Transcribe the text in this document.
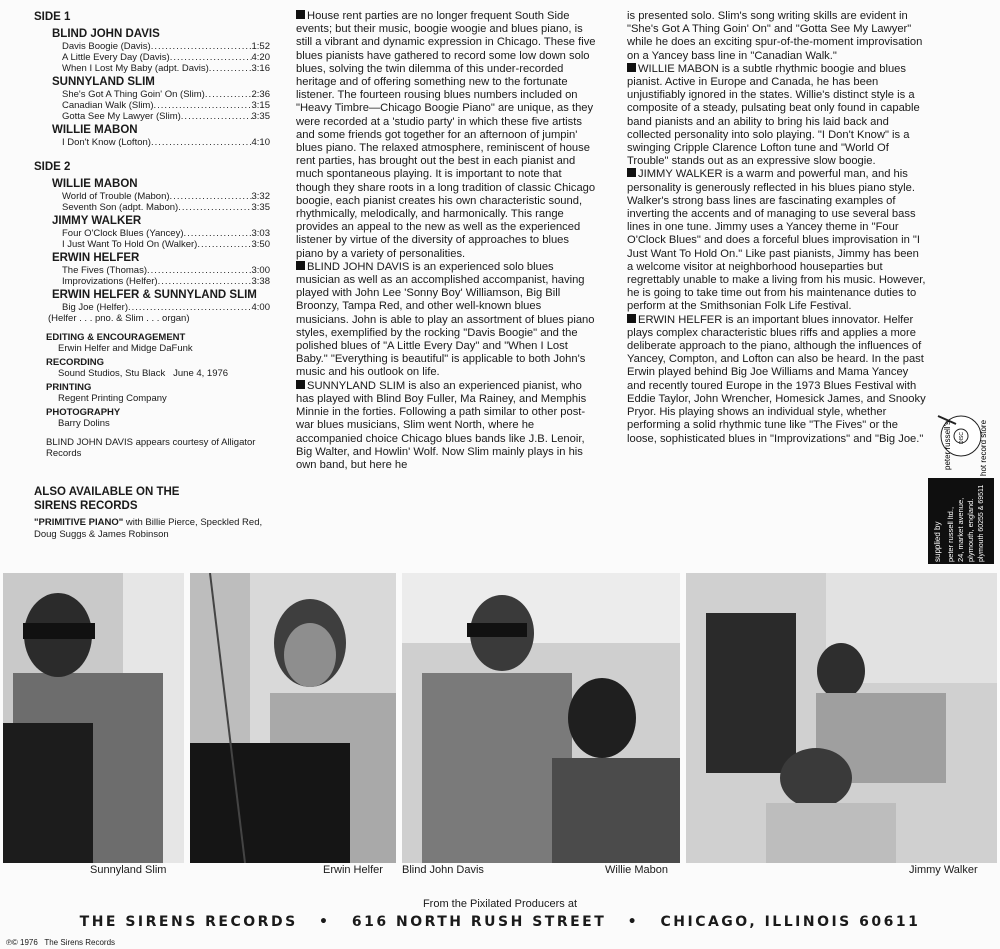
SIDE 1
BLIND JOHN DAVIS
Davis Boogie (Davis) .....	1:52
A Little Every Day (Davis) .....	4:20
When I Lost My Baby (adpt. Davis) .....	3:16
SUNNYLAND SLIM
She's Got A Thing Goin' On (Slim) .....	2:36
Canadian Walk (Slim) .....	3:15
Gotta See My Lawyer (Slim) .....	3:35
WILLIE MABON
I Don't Know (Lofton) .....	4:10
SIDE 2
WILLIE MABON
World of Trouble (Mabon) .....	3:32
Seventh Son (adpt. Mabon) .....	3:35
JIMMY WALKER
Four O'Clock Blues (Yancey) .....	3:03
I Just Want To Hold On (Walker) .....	3:50
ERWIN HELFER
The Fives (Thomas) .....	3:00
Improvizations (Helfer) .....	3:38
ERWIN HELFER & SUNNYLAND SLIM
Big Joe (Helfer) .....	4:00
(Helfer . . . pno. & Slim . . . organ)
EDITING & ENCOURAGEMENT
Erwin Helfer and Midge DaFunk
RECORDING
Sound Studios, Stu Black   June 4, 1976
PRINTING
Regent Printing Company
PHOTOGRAPHY
Barry Dolins
BLIND JOHN DAVIS appears courtesy of Alligator Records
ALSO AVAILABLE ON THE SIRENS RECORDS
"PRIMITIVE PIANO" with Billie Pierce, Speckled Red, Doug Suggs & James Robinson
House rent parties are no longer frequent South Side events; but their music, boogie woogie and blues piano, is still a vibrant and dynamic expression in Chicago. These five blues pianists have gathered to record some low down solo blues, solving the twin dilemma of this under-recorded heritage and of offering something new to the fortunate listener. The fourteen rousing blues numbers included on "Heavy Timbre—Chicago Boogie Piano" are unique, as they were recorded at a 'studio party' in which these five artists and some friends got together for an afternoon of jumpin' blues piano. The relaxed atmosphere, reminiscent of house rent parties, has brought out the best in each pianist and much spontaneous playing. It is important to note that though they share roots in a long tradition of classic Chicago boogie, each pianist creates his own characteristic sound, rhythmically, melodically, and harmonically. This range provides an appeal to the new as well as the experienced listener by virtue of the diversity of approaches to blues piano by a variety of personalities.
BLIND JOHN DAVIS is an experienced solo blues musician as well as an accomplished accompanist, having played with John Lee 'Sonny Boy' Williamson, Big Bill Broonzy, Tampa Red, and other well-known blues musicians. John is able to play an assortment of blues piano styles, exemplified by the rocking "Davis Boogie" and the polished blues of "A Little Every Day" and "When I Lost Baby." "Everything is beautiful" is applicable to both John's music and his outlook on life.
SUNNYLAND SLIM is also an experienced pianist, who has played with Blind Boy Fuller, Ma Rainey, and Memphis Minnie in the forties. Following a path similar to other post-war blues musicians, Slim went North, where he accompanied choice Chicago blues bands like J.B. Lenoir, Big Walter, and Howlin' Wolf. Now Slim mainly plays in his own band, but here he
is presented solo. Slim's song writing skills are evident in "She's Got A Thing Goin' On" and "Gotta See My Lawyer" while he does an exciting spur-of-the-moment improvisation on a Yancey bass line in "Canadian Walk."
WILLIE MABON is a subtle rhythmic boogie and blues pianist. Active in Europe and Canada, he has been unjustifiably ignored in the states. Willie's distinct style is a composite of a steady, pulsating beat only found in capable band pianists and an ability to bring his laid back and collected personality into solo playing. "I Don't Know" is a swinging Cripple Clarence Lofton tune and "World Of Trouble" stands out as an expressive slow boogie.
JIMMY WALKER is a warm and powerful man, and his personality is generously reflected in his blues piano style. Walker's strong bass lines are fascinating examples of inverting the accents and of managing to use several bass lines in one tune. Jimmy uses a Yancey theme in "Four O'Clock Blues" and does a forceful blues improvisation in "I Just Want To Hold On." Like past pianists, Jimmy has been a welcome visitor at neighborhood houseparties but regrettably unable to make a living from his music. However, he is going to take time out from his maintenance duties to perform at the Smithsonian Folk Life Festival.
ERWIN HELFER is an important blues innovator. Helfer plays complex characteristic blues riffs and applies a more deliberate approach to the piano, although the influences of Yancey, Compton, and Lofton can also be heard. In the past Erwin played behind Big Joe Williams and Mama Yancey and recently toured Europe in the 1973 Blues Festival with Eddie Taylor, John Wrencher, Homesick James, and Snooky Pryor. His playing shows an individual style, whether performing a solid rhythmic tune like "The Fives" or the loose, sophisticated blues in "Improvizations" and "Big Joe."	peter russell's	hot record store
DISC
supplied by peter russell ltd., 24, market avenue, plymouth, england. plymouth 60255 & 69511
Sunnyland Slim	Erwin Helfer Blind John Davis	Willie Mabon	Jimmy Walker
From the Pixilated Producers at
THE SIRENS RECORDS • 616 NORTH RUSH STREET • CHICAGO, ILLINOIS 60611
℗© 1976   The Sirens Records
